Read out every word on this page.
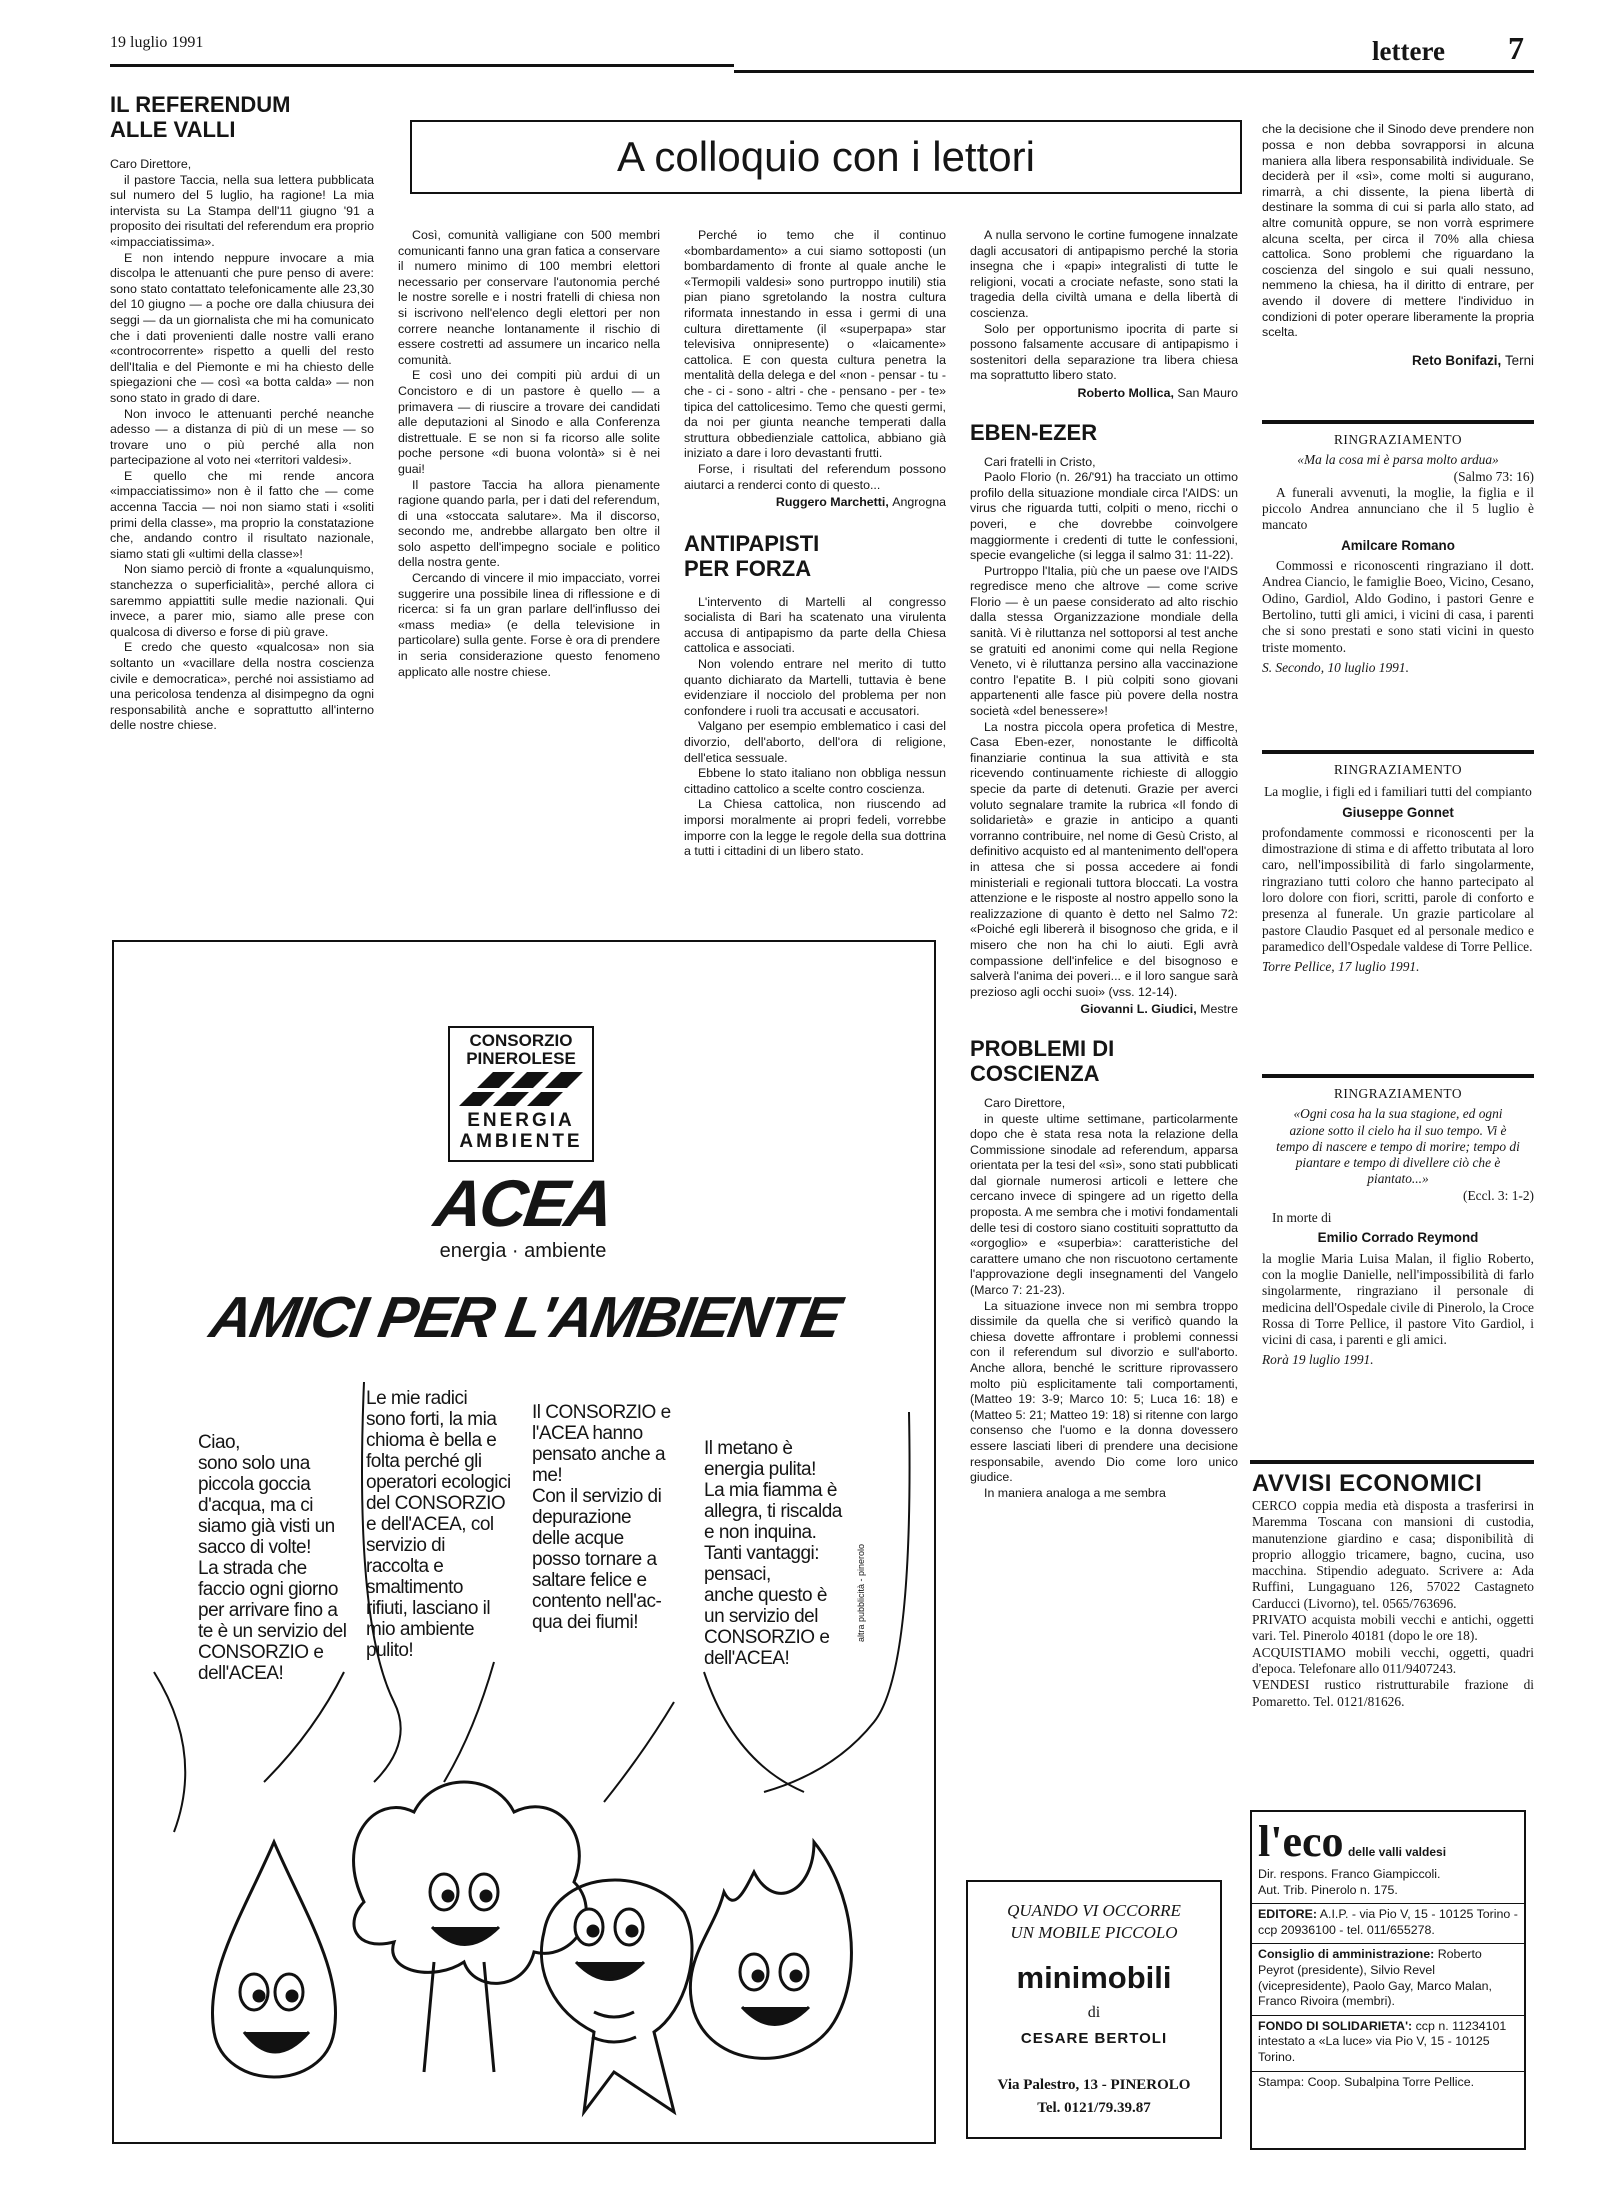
19 luglio 1991	lettere 7
IL REFERENDUM
ALLE VALLI
Caro Direttore,

il pastore Taccia, nella sua lettera pubblicata sul numero del 5 luglio, ha ragione! La mia intervista su La Stampa dell'11 giugno '91 a proposito dei risultati del referendum era proprio «impacciatissima».

E non intendo neppure invocare a mia discolpa le attenuanti che pure penso di avere: sono stato contattato telefonicamente alle 23,30 del 10 giugno — a poche ore dalla chiusura dei seggi — da un giornalista che mi ha comunicato che i dati provenienti dalle nostre valli erano «controcorrente» rispetto a quelli del resto dell'Italia e del Piemonte e mi ha chiesto delle spiegazioni che — così «a botta calda» — non sono stato in grado di dare.

Non invoco le attenuanti perché neanche adesso — a distanza di più di un mese — so trovare uno o più perché alla non partecipazione al voto nei «territori valdesi».

E quello che mi rende ancora «impacciatissimo» non è il fatto che — come accenna Taccia — noi non siamo stati i «soliti primi della classe», ma proprio la constatazione che, andando contro il risultato nazionale, siamo stati gli «ultimi della classe»!

Non siamo perciò di fronte a «qualunquismo, stanchezza o superficialità», perché allora ci saremmo appiattiti sulle medie nazionali. Qui invece, a parer mio, siamo alle prese con qualcosa di diverso e forse di più grave.

E credo che questo «qualcosa» non sia soltanto un «vacillare della nostra coscienza civile e democratica», perché noi assistiamo ad una pericolosa tendenza al disimpegno da ogni responsabilità anche e soprattutto all'interno delle nostre chiese.

A colloquio con i lettori

Così, comunità valligiane con 500 membri comunicanti fanno una gran fatica a conservare il numero minimo di 100 membri elettori necessario per conservare l'autonomia perché le nostre sorelle e i nostri fratelli di chiesa non si iscrivono nell'elenco degli elettori per non correre neanche lontanamente il rischio di essere costretti ad assumere un incarico nella comunità.

E così uno dei compiti più ardui di un Concistoro e di un pastore è quello — a primavera — di riuscire a trovare dei candidati alle deputazioni al Sinodo e alla Conferenza distrettuale. E se non si fa ricorso alle solite poche persone «di buona volontà» si è nei guai!

Il pastore Taccia ha allora pienamente ragione quando parla, per i dati del referendum, di una «stoccata salutare». Ma il discorso, secondo me, andrebbe allargato ben oltre il solo aspetto dell'impegno sociale e politico della nostra gente.

Cercando di vincere il mio impacciato, vorrei suggerire una possibile linea di riflessione e di ricerca: si fa un gran parlare dell'influsso dei «mass media» (e della televisione in particolare) sulla gente. Forse è ora di prendere in seria considerazione questo fenomeno applicato alle nostre chiese.

Perché io temo che il continuo «bombardamento» a cui siamo sottoposti (un bombardamento di fronte al quale anche le «Termopili valdesi» sono purtroppo inutili) stia pian piano sgretolando la nostra cultura riformata innestando in essa i germi di una cultura direttamente (il «superpapa» star televisiva onnipresente) o «laicamente» cattolica. E con questa cultura penetra la mentalità della delega e del «non - pensar - tu - che - ci - sono - altri - che - pensano - per - te» tipica del cattolicesimo. Temo che questi germi, da noi per giunta neanche temperati dalla struttura obbedienziale cattolica, abbiano già iniziato a dare i loro devastanti frutti.

Forse, i risultati del referendum possono aiutarci a renderci conto di questo...

Ruggero Marchetti, Angrogna
ANTIPAPISTI
PER FORZA

L'intervento di Martelli al congresso socialista di Bari ha scatenato una virulenta accusa di antipapismo da parte della Chiesa cattolica e associati.

Non volendo entrare nel merito di tutto quanto dichiarato da Martelli, tuttavia è bene evidenziare il nocciolo del problema per non confondere i ruoli tra accusati e accusatori.

Valgano per esempio emblematico i casi del divorzio, dell'aborto, dell'ora di religione, dell'etica sessuale.

Ebbene lo stato italiano non obbliga nessun cittadino cattolico a scelte contro coscienza.

La Chiesa cattolica, non riuscendo ad imporsi moralmente ai propri fedeli, vorrebbe imporre con la legge le regole della sua dottrina a tutti i cittadini di un libero stato.

A nulla servono le cortine fumogene innalzate dagli accusatori di antipapismo perché la storia insegna che i «papi» integralisti di tutte le religioni, vocati a crociate nefaste, sono stati la tragedia della civiltà umana e della libertà di coscienza.

Solo per opportunismo ipocrita di parte si possono falsamente accusare di antipapismo i sostenitori della separazione tra libera chiesa ma soprattutto libero stato.

Roberto Mollica, San Mauro
EBEN-EZER
Cari fratelli in Cristo,

Paolo Florio (n. 26/'91) ha tracciato un ottimo profilo della situazione mondiale circa l'AIDS: un virus che riguarda tutti, colpiti o meno, ricchi o poveri, e che dovrebbe coinvolgere maggiormente i credenti di tutte le confessioni, specie evangeliche (si legga il salmo 31: 11-22).

Purtroppo l'Italia, più che un paese ove l'AIDS regredisce meno che altrove — come scrive Florio — è un paese considerato ad alto rischio dalla stessa Organizzazione mondiale della sanità. Vi è riluttanza nel sottoporsi al test anche se gratuiti ed anonimi come qui nella Regione Veneto, vi è riluttanza persino alla vaccinazione contro l'epatite B. I più colpiti sono giovani appartenenti alle fasce più povere della nostra società «del benessere»!

La nostra piccola opera profetica di Mestre, Casa Eben-ezer, nonostante le difficoltà finanziarie continua la sua attività e sta ricevendo continuamente richieste di alloggio specie da parte di detenuti. Grazie per averci voluto segnalare tramite la rubrica «Il fondo di solidarietà» e grazie in anticipo a quanti vorranno contribuire, nel nome di Gesù Cristo, al definitivo acquisto ed al mantenimento dell'opera in attesa che si possa accedere ai fondi ministeriali e regionali tuttora bloccati. La vostra attenzione e le risposte al nostro appello sono la realizzazione di quanto è detto nel Salmo 72: «Poiché egli libererà il bisognoso che grida, e il misero che non ha chi lo aiuti. Egli avrà compassione dell'infelice e del bisognoso e salverà l'anima dei poveri... e il loro sangue sarà prezioso agli occhi suoi» (vss. 12-14).

Giovanni L. Giudici, Mestre
PROBLEMI DI
COSCIENZA
Caro Direttore,

in queste ultime settimane, particolarmente dopo che è stata resa nota la relazione della Commissione sinodale ad referendum, apparsa orientata per la tesi del «sì», sono stati pubblicati dal giornale numerosi articoli e lettere che cercano invece di spingere ad un rigetto della proposta. A me sembra che i motivi fondamentali delle tesi di costoro siano costituiti soprattutto da «orgoglio» e «superbia»: caratteristiche del carattere umano che non riscuotono certamente l'approvazione degli insegnamenti del Vangelo (Marco 7: 21-23).

La situazione invece non mi sembra troppo dissimile da quella che si verificò quando la chiesa dovette affrontare i problemi connessi con il referendum sul divorzio e sull'aborto. Anche allora, benché le scritture riprovassero molto più esplicitamente tali comportamenti, (Matteo 19: 3-9; Marco 10: 5; Luca 16: 18) e (Matteo 5: 21; Matteo 19: 18) si ritenne con largo consenso che l'uomo e la donna dovessero essere lasciati liberi di prendere una decisione responsabile, avendo Dio come loro unico giudice.

In maniera analoga a me sembra

QUANDO VI OCCORRE
UN MOBILE PICCOLO
minimobili
di
CESARE BERTOLI
Via Palestro, 13 - PINEROLO
Tel. 0121/79.39.87

che la decisione che il Sinodo deve prendere non possa e non debba sovrapporsi in alcuna maniera alla libera responsabilità individuale. Se deciderà per il «sì», come molti si augurano, rimarrà, a chi dissente, la piena libertà di destinare la somma di cui si parla allo stato, ad altre comunità oppure, se non vorrà esprimere alcuna scelta, per circa il 70% alla chiesa cattolica. Sono problemi che riguardano la coscienza del singolo e sui quali nessuno, nemmeno la chiesa, ha il diritto di entrare, per avendo il dovere di mettere l'individuo in condizioni di poter operare liberamente la propria scelta.

Reto Bonifazi, Terni
RINGRAZIAMENTO
«Ma la cosa mi è parsa molto ardua»
(Salmo 73: 16)

A funerali avvenuti, la moglie, la figlia e il piccolo Andrea annunciano che il 5 luglio è mancato

Amilcare Romano

Commossi e riconoscenti ringraziano il dott. Andrea Ciancio, le famiglie Boeo, Vicino, Cesano, Odino, Gardiol, Aldo Godino, i pastori Genre e Bertolino, tutti gli amici, i vicini di casa, i parenti che si sono prestati e sono stati vicini in questo triste momento.

S. Secondo, 10 luglio 1991.
RINGRAZIAMENTO
La moglie, i figli ed i familiari tutti del compianto
Giuseppe Gonnet

profondamente commossi e riconoscenti per la dimostrazione di stima e di affetto tributata al loro caro, nell'impossibilità di farlo singolarmente, ringraziano tutti coloro che hanno partecipato al loro dolore con fiori, scritti, parole di conforto e presenza al funerale. Un grazie particolare al pastore Claudio Pasquet ed al personale medico e paramedico dell'Ospedale valdese di Torre Pellice.

Torre Pellice, 17 luglio 1991.
RINGRAZIAMENTO
«Ogni cosa ha la sua stagione, ed ogni azione sotto il cielo ha il suo tempo. Vi è tempo di nascere e tempo di morire; tempo di piantare e tempo di divellere ciò che è piantato...»
(Eccl. 3: 1-2)
In morte di
Emilio Corrado Reymond

la moglie Maria Luisa Malan, il figlio Roberto, con la moglie Danielle, nell'impossibilità di farlo singolarmente, ringraziano il personale di medicina dell'Ospedale civile di Pinerolo, la Croce Rossa di Torre Pellice, il pastore Vito Gardiol, i vicini di casa, i parenti e gli amici.

Rorà 19 luglio 1991.
AVVISI ECONOMICI
CERCO coppia media età disposta a trasferirsi in Maremma Toscana con mansioni di custodia, manutenzione giardino e casa; disponibilità di proprio alloggio tricamere, bagno, cucina, uso macchina. Stipendio adeguato. Scrivere a: Ada Ruffini, Lungaguano 126, 57022 Castagneto Carducci (Livorno), tel. 0565/763696.
PRIVATO acquista mobili vecchi e antichi, oggetti vari. Tel. Pinerolo 40181 (dopo le ore 18).
ACQUISTIAMO mobili vecchi, oggetti, quadri d'epoca. Telefonare allo 011/9407243.
VENDESI rustico ristrutturabile frazione di Pomaretto. Tel. 0121/81626.
l'eco delle valli valdesi
Dir. respons. Franco Giampiccoli.
Aut. Trib. Pinerolo n. 175.
EDITORE: A.I.P. - via Pio V, 15 - 10125 Torino - ccp 20936100 - tel. 011/655278.
Consiglio di amministrazione: Roberto Peyrot (presidente), Silvio Revel (vicepresidente), Paolo Gay, Marco Malan, Franco Rivoira (membri).
FONDO DI SOLIDARIETA': ccp n. 11234101 intestato a «La luce» via Pio V, 15 - 10125 Torino.
Stampa: Coop. Subalpina Torre Pellice.
CONSORZIO
PINEROLESE
ENERGIA
AMBIENTE
ACEA
energia · ambiente
AMICI PER L'AMBIENTE
altra pubblicità - pinerolo
Ciao,
sono solo una
piccola goccia
d'acqua, ma ci
siamo già visti un
sacco di volte!
La strada che
faccio ogni giorno
per arrivare fino a
te è un servizio del
CONSORZIO e
dell'ACEA!
Le mie radici
sono forti, la mia
chioma è bella e
folta perché gli
operatori ecologici
del CONSORZIO
e dell'ACEA, col
servizio di
raccolta e
smaltimento
rifiuti, lasciano il
mio ambiente
pulito!
Il CONSORZIO e
l'ACEA hanno
pensato anche a
me!
Con il servizio di
depurazione
delle acque
posso tornare a
saltare felice e
contento nell'ac-
qua dei fiumi!
Il metano è
energia pulita!
La mia fiamma è
allegra, ti riscalda
e non inquina.
Tanti vantaggi:
pensaci,
anche questo è
un servizio del
CONSORZIO e
dell'ACEA!
